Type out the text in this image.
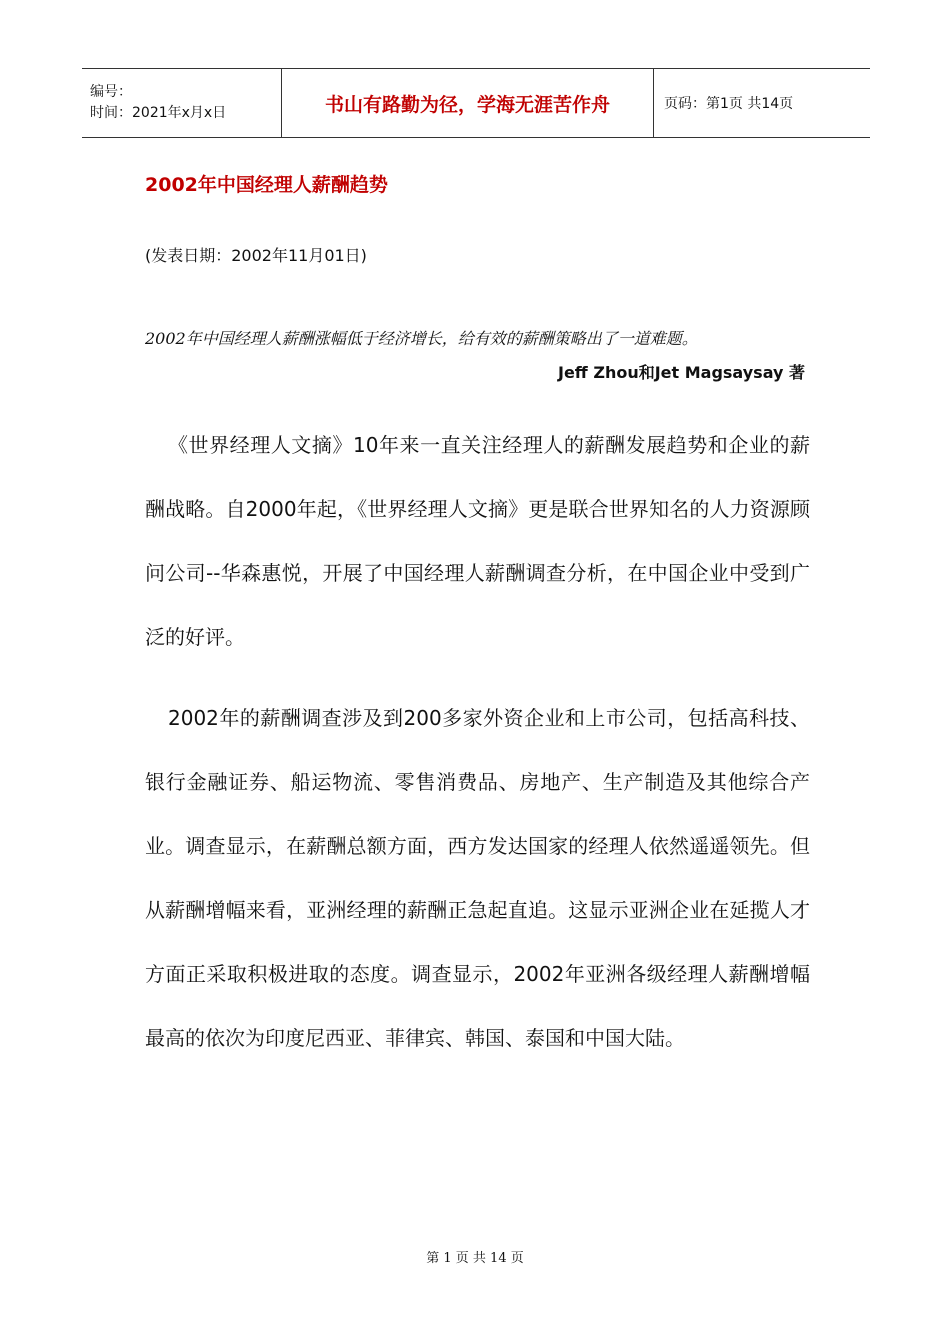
编号：
时间：2021年x月x日	书山有路勤为径，学海无涯苦作舟	页码：第1页 共14页
2002年中国经理人薪酬趋势

(发表日期：2002年11月01日)

2002年中国经理人薪酬涨幅低于经济增长，给有效的薪酬策略出了一道难题。

Jeff Zhou和Jet Magsaysay 著

《世界经理人文摘》10年来一直关注经理人的薪酬发展趋势和企业的薪酬战略。自2000年起，《世界经理人文摘》更是联合世界知名的人力资源顾问公司--华森惠悦，开展了中国经理人薪酬调查分析，在中国企业中受到广泛的好评。

2002年的薪酬调查涉及到200多家外资企业和上市公司，包括高科技、银行金融证券、船运物流、零售消费品、房地产、生产制造及其他综合产业。调查显示，在薪酬总额方面，西方发达国家的经理人依然遥遥领先。但从薪酬增幅来看，亚洲经理的薪酬正急起直追。这显示亚洲企业在延揽人才方面正采取积极进取的态度。调查显示，2002年亚洲各级经理人薪酬增幅最高的依次为印度尼西亚、菲律宾、韩国、泰国和中国大陆。

第 1 页 共 14 页
